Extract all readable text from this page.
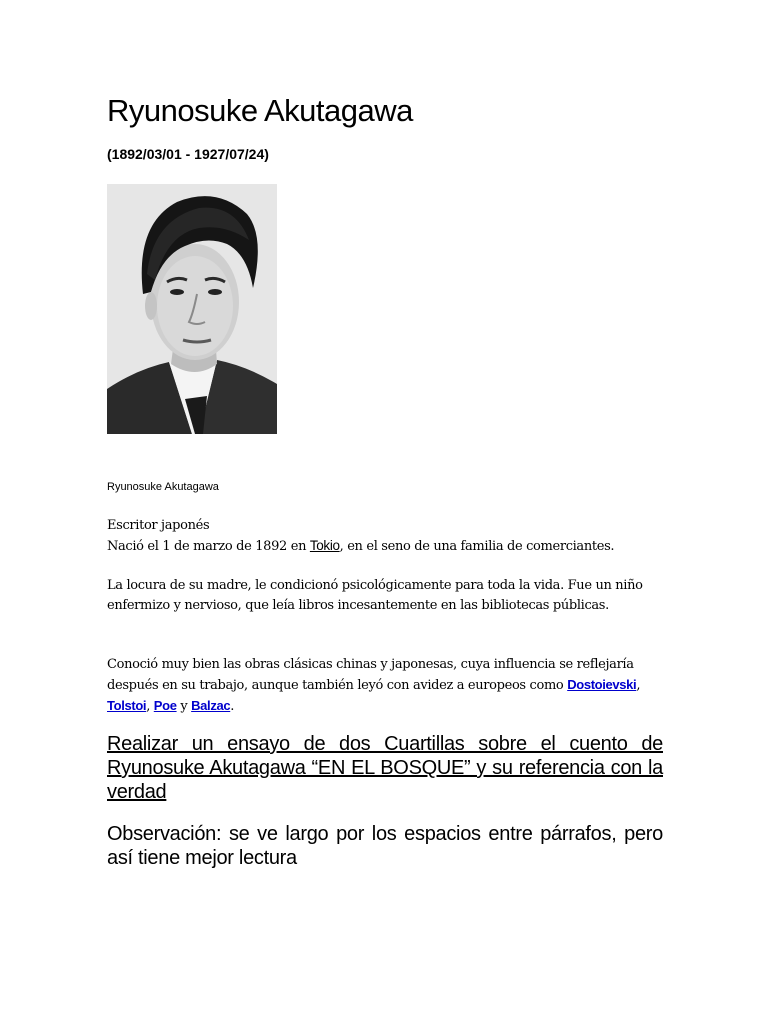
Ryunosuke Akutagawa

(1892/03/01 - 1927/07/24)

Ryunosuke Akutagawa

Escritor japonés
Nació el 1 de marzo de 1892 en Tokio, en el seno de una familia de comerciantes.

La locura de su madre, le condicionó psicológicamente para toda la vida. Fue un niño enfermizo y nervioso, que leía libros incesantemente en las bibliotecas públicas.

Conoció muy bien las obras clásicas chinas y japonesas, cuya influencia se reflejaría después en su trabajo, aunque también leyó con avidez a europeos como Dostoievski, Tolstoi, Poe y Balzac.

Realizar un ensayo de dos Cuartillas sobre el cuento de Ryunosuke Akutagawa “EN EL BOSQUE” y su referencia con la verdad

Observación: se ve largo por los espacios entre párrafos, pero así tiene mejor lectura
